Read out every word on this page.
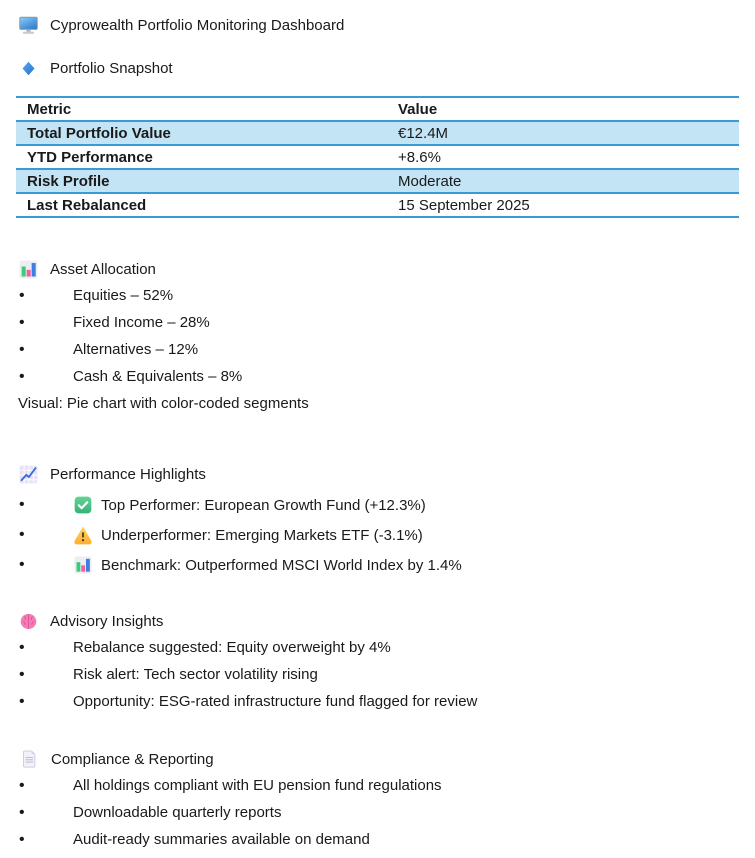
Cyprowealth Portfolio Monitoring Dashboard
Portfolio Snapshot
Metric	Value
Total Portfolio Value	€12.4M
YTD Performance	+8.6%
Risk Profile	Moderate
Last Rebalanced	15 September 2025
Asset Allocation
•
Equities – 52%
•
Fixed Income – 28%
•
Alternatives – 12%
•
Cash & Equivalents – 8%
Visual: Pie chart with color-coded segments
Performance Highlights
•
Top Performer: European Growth Fund (+12.3%)
•
Underperformer: Emerging Markets ETF (-3.1%)
•
Benchmark: Outperformed MSCI World Index by 1.4%
Advisory Insights
•
Rebalance suggested: Equity overweight by 4%
•
Risk alert: Tech sector volatility rising
•
Opportunity: ESG-rated infrastructure fund flagged for review
Compliance & Reporting
•
All holdings compliant with EU pension fund regulations
•
Downloadable quarterly reports
•
Audit-ready summaries available on demand
